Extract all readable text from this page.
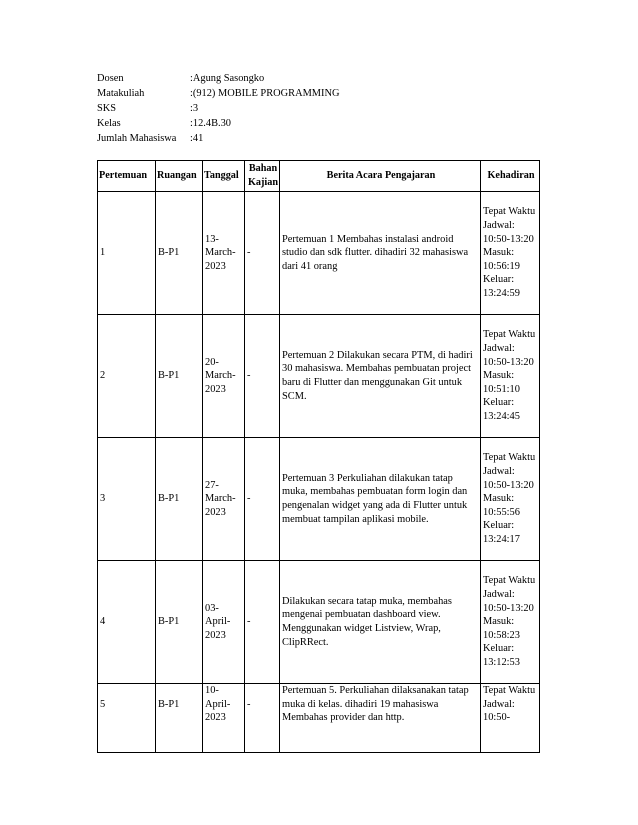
Dosen	:Agung Sasongko
Matakuliah	:(912) MOBILE PROGRAMMING
SKS	:3
Kelas	:12.4B.30
Jumlah Mahasiswa	:41
Pertemuan	Ruangan	Tanggal	Bahan Kajian	Berita Acara Pengajaran	Kehadiran
1	B-P1	13-March-2023	-	Pertemuan 1 Membahas instalasi android studio dan sdk flutter. dihadiri 32 mahasiswa dari 41 orang	Tepat Waktu Jadwal: 10:50-13:20 Masuk: 10:56:19 Keluar: 13:24:59
2	B-P1	20-March-2023	-	Pertemuan 2 Dilakukan secara PTM, di hadiri 30 mahasiswa. Membahas pembuatan project baru di Flutter dan menggunakan Git untuk SCM.	Tepat Waktu Jadwal: 10:50-13:20 Masuk: 10:51:10 Keluar: 13:24:45
3	B-P1	27-March-2023	-	Pertemuan 3 Perkuliahan dilakukan tatap muka, membahas pembuatan form login dan pengenalan widget yang ada di Flutter untuk membuat tampilan aplikasi mobile.	Tepat Waktu Jadwal: 10:50-13:20 Masuk: 10:55:56 Keluar: 13:24:17
4	B-P1	03-April-2023	-	Dilakukan secara tatap muka, membahas mengenai pembuatan dashboard view. Menggunakan widget Listview, Wrap, ClipRRect.	Tepat Waktu Jadwal: 10:50-13:20 Masuk: 10:58:23 Keluar: 13:12:53
5	B-P1	10-April-2023	-	Pertemuan 5. Perkuliahan dilaksanakan tatap muka di kelas. dihadiri 19 mahasiswa Membahas provider dan http.	Tepat Waktu Jadwal: 10:50-
